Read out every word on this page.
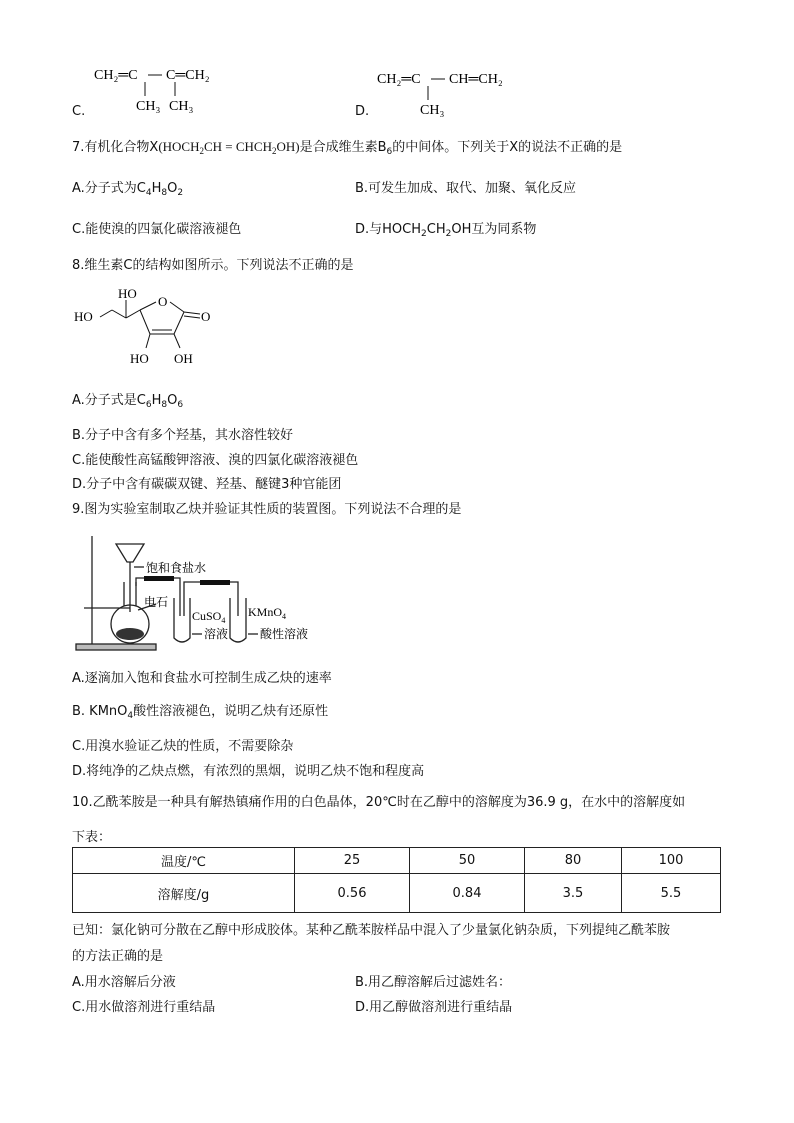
CH₂═C C═CH₂
CH₃ CH₃
C.
CH₂═C CH═CH₂
CH₃
D.
7.有机化合物$X(HOCH_2CH$ = $CHCH_2OH$)是合成维生素$B_6$的中间体。下列关于X的说法不正确的是
A.分子式为$C_4H_8O_2$	B.可发生加成、取代、加聚、氧化反应
C.能使溴的四氯化碳溶液褪色	D.与$HOCH_2CH_2OH$互为同系物
8.维生素C的结构如图所示。下列说法不正确的是
HO
HO
O
O
HO OH
A.分子式是$C_6H_8O_6$
B.分子中含有多个羟基，其水溶性较好
C.能使酸性高锰酸钾溶液、溴的四氯化碳溶液褪色
D.分子中含有碳碳双键、羟基、醚键3种官能团
9.图为实验室制取乙炔并验证其性质的装置图。下列说法不合理的是
饱和食盐水
电石
CuSO$_4$
KMnO$_4$
溶液	酸性溶液
A.逐滴加入饱和食盐水可控制生成乙炔的速率
B. KMnO$_4$酸性溶液褪色，说明乙炔有还原性
C.用溴水验证乙炔的性质，不需要除杂
D.将纯净的乙炔点燃，有浓烈的黑烟，说明乙炔不饱和程度高
10.乙酰苯胺是一种具有解热镇痛作用的白色晶体，20℃时在乙醇中的溶解度为36.9 g，在水中的溶解度如
下表：
温度/℃	25	50	80	100
溶解度/g	0.56	0.84	3.5	5.5
已知：氯化钠可分散在乙醇中形成胶体。某种乙酰苯胺样品中混入了少量氯化钠杂质，下列提纯乙酰苯胺
的方法正确的是
A.用水溶解后分液	B.用乙醇溶解后过滤姓名：
C.用水做溶剂进行重结晶	D.用乙醇做溶剂进行重结晶
